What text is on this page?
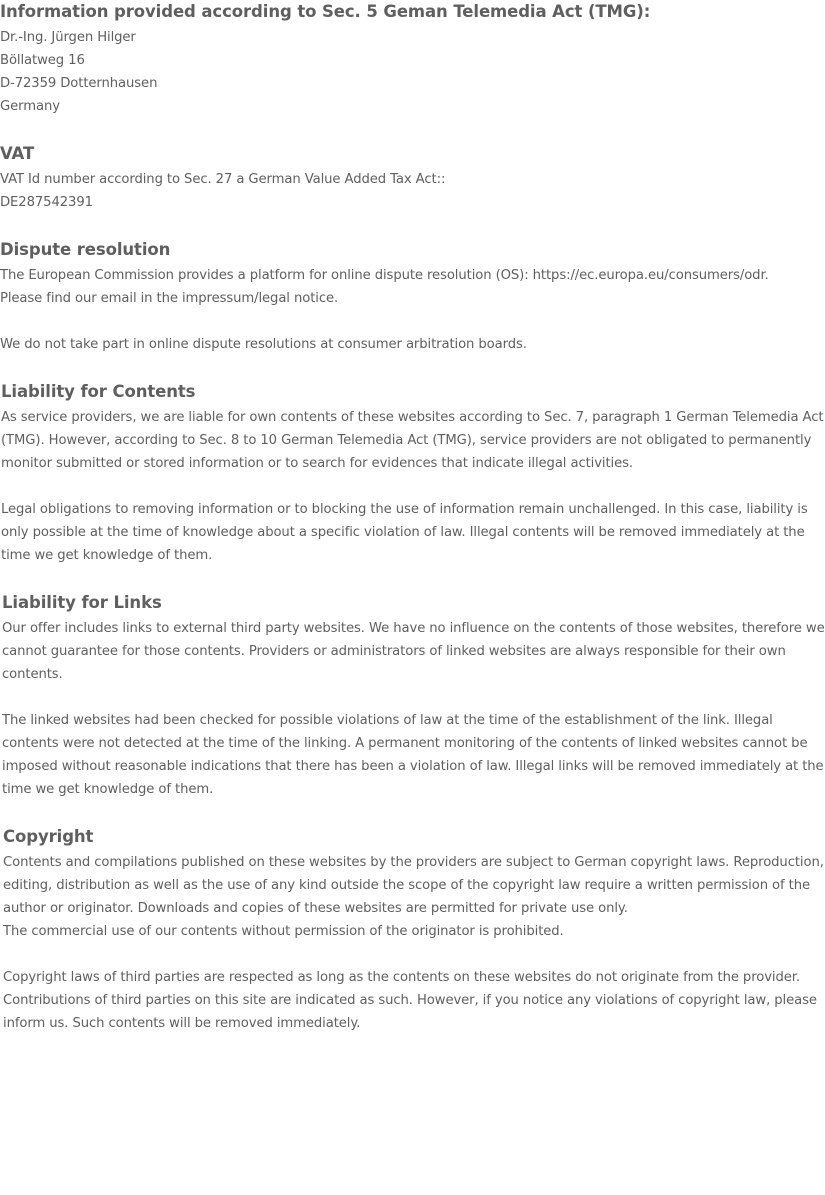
Information provided according to Sec. 5 Geman Telemedia Act (TMG):

Dr.-Ing. Jürgen Hilger
Böllatweg 16
D-72359 Dotternhausen
Germany

VAT

VAT Id number according to Sec. 27 a German Value Added Tax Act::
DE287542391

Dispute resolution

The European Commission provides a platform for online dispute resolution (OS): https://ec.europa.eu/consumers/odr.
Please find our email in the impressum/legal notice.

We do not take part in online dispute resolutions at consumer arbitration boards.

Liability for Contents

As service providers, we are liable for own contents of these websites according to Sec. 7, paragraph 1 German Telemedia Act
(TMG). However, according to Sec. 8 to 10 German Telemedia Act (TMG), service providers are not obligated to permanently
monitor submitted or stored information or to search for evidences that indicate illegal activities.

Legal obligations to removing information or to blocking the use of information remain unchallenged. In this case, liability is
only possible at the time of knowledge about a specific violation of law. Illegal contents will be removed immediately at the
time we get knowledge of them.

Liability for Links

Our offer includes links to external third party websites. We have no influence on the contents of those websites, therefore we
cannot guarantee for those contents. Providers or administrators of linked websites are always responsible for their own
contents.

The linked websites had been checked for possible violations of law at the time of the establishment of the link. Illegal
contents were not detected at the time of the linking. A permanent monitoring of the contents of linked websites cannot be
imposed without reasonable indications that there has been a violation of law. Illegal links will be removed immediately at the
time we get knowledge of them.

Copyright

Contents and compilations published on these websites by the providers are subject to German copyright laws. Reproduction,
editing, distribution as well as the use of any kind outside the scope of the copyright law require a written permission of the
author or originator. Downloads and copies of these websites are permitted for private use only.
The commercial use of our contents without permission of the originator is prohibited.

Copyright laws of third parties are respected as long as the contents on these websites do not originate from the provider.
Contributions of third parties on this site are indicated as such. However, if you notice any violations of copyright law, please
inform us. Such contents will be removed immediately.
